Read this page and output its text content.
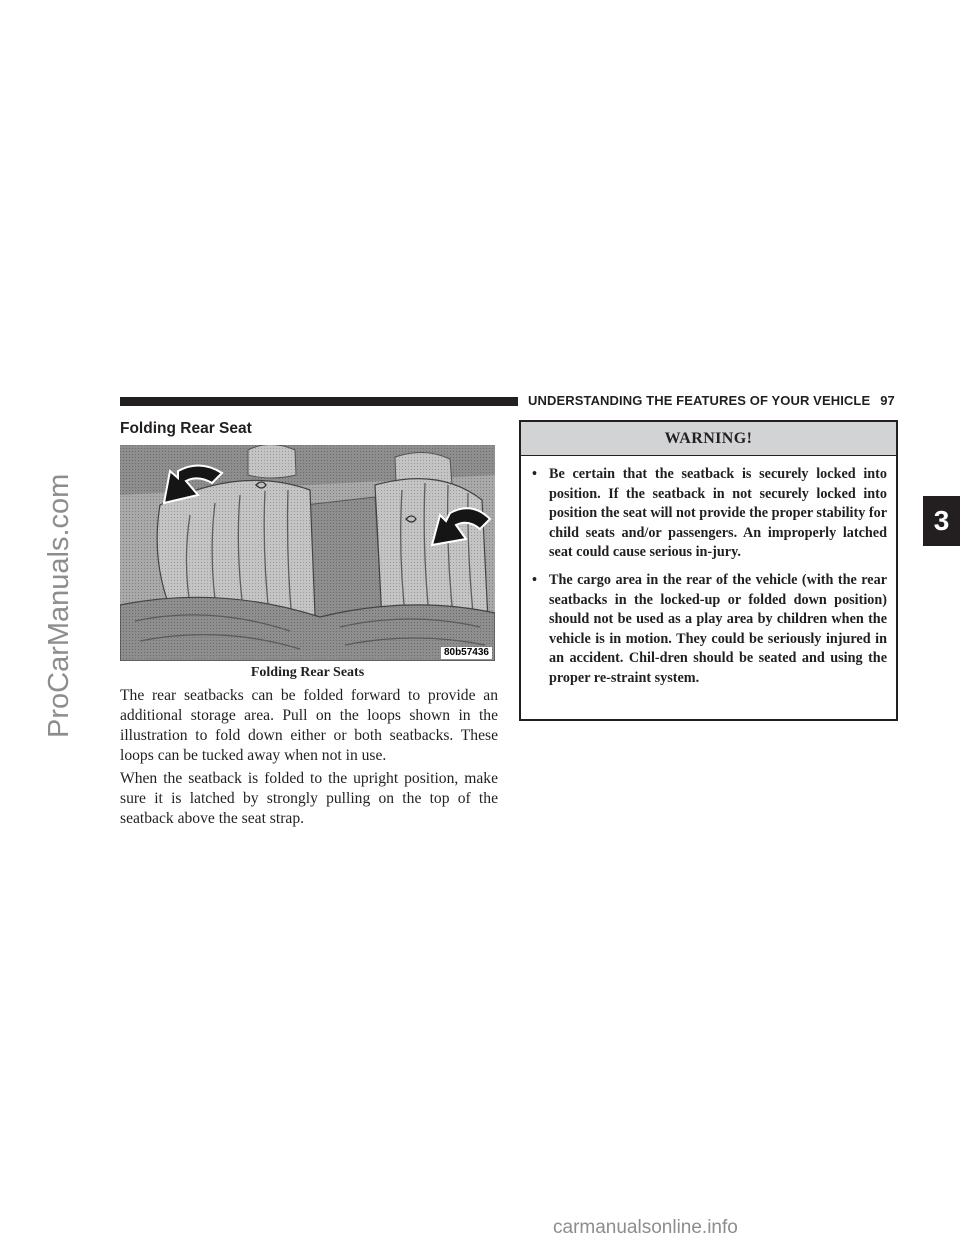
UNDERSTANDING THE FEATURES OF YOUR VEHICLE 97
Folding Rear Seat
80b57436
Folding Rear Seats

The rear seatbacks can be folded forward to provide an additional storage area. Pull on the loops shown in the illustration to fold down either or both seatbacks. These loops can be tucked away when not in use.

When the seatback is folded to the upright position, make sure it is latched by strongly pulling on the top of the seatback above the seat strap.

WARNING!
• Be certain that the seatback is securely locked into position. If the seatback in not securely locked into position the seat will not provide the proper stability for child seats and/or passengers. An improperly latched seat could cause serious in-jury.
• The cargo area in the rear of the vehicle (with the rear seatbacks in the locked-up or folded down position) should not be used as a play area by children when the vehicle is in motion. They could be seriously injured in an accident. Chil-dren should be seated and using the proper re-straint system.
3
ProCarManuals.com
carmanualsonline.info
